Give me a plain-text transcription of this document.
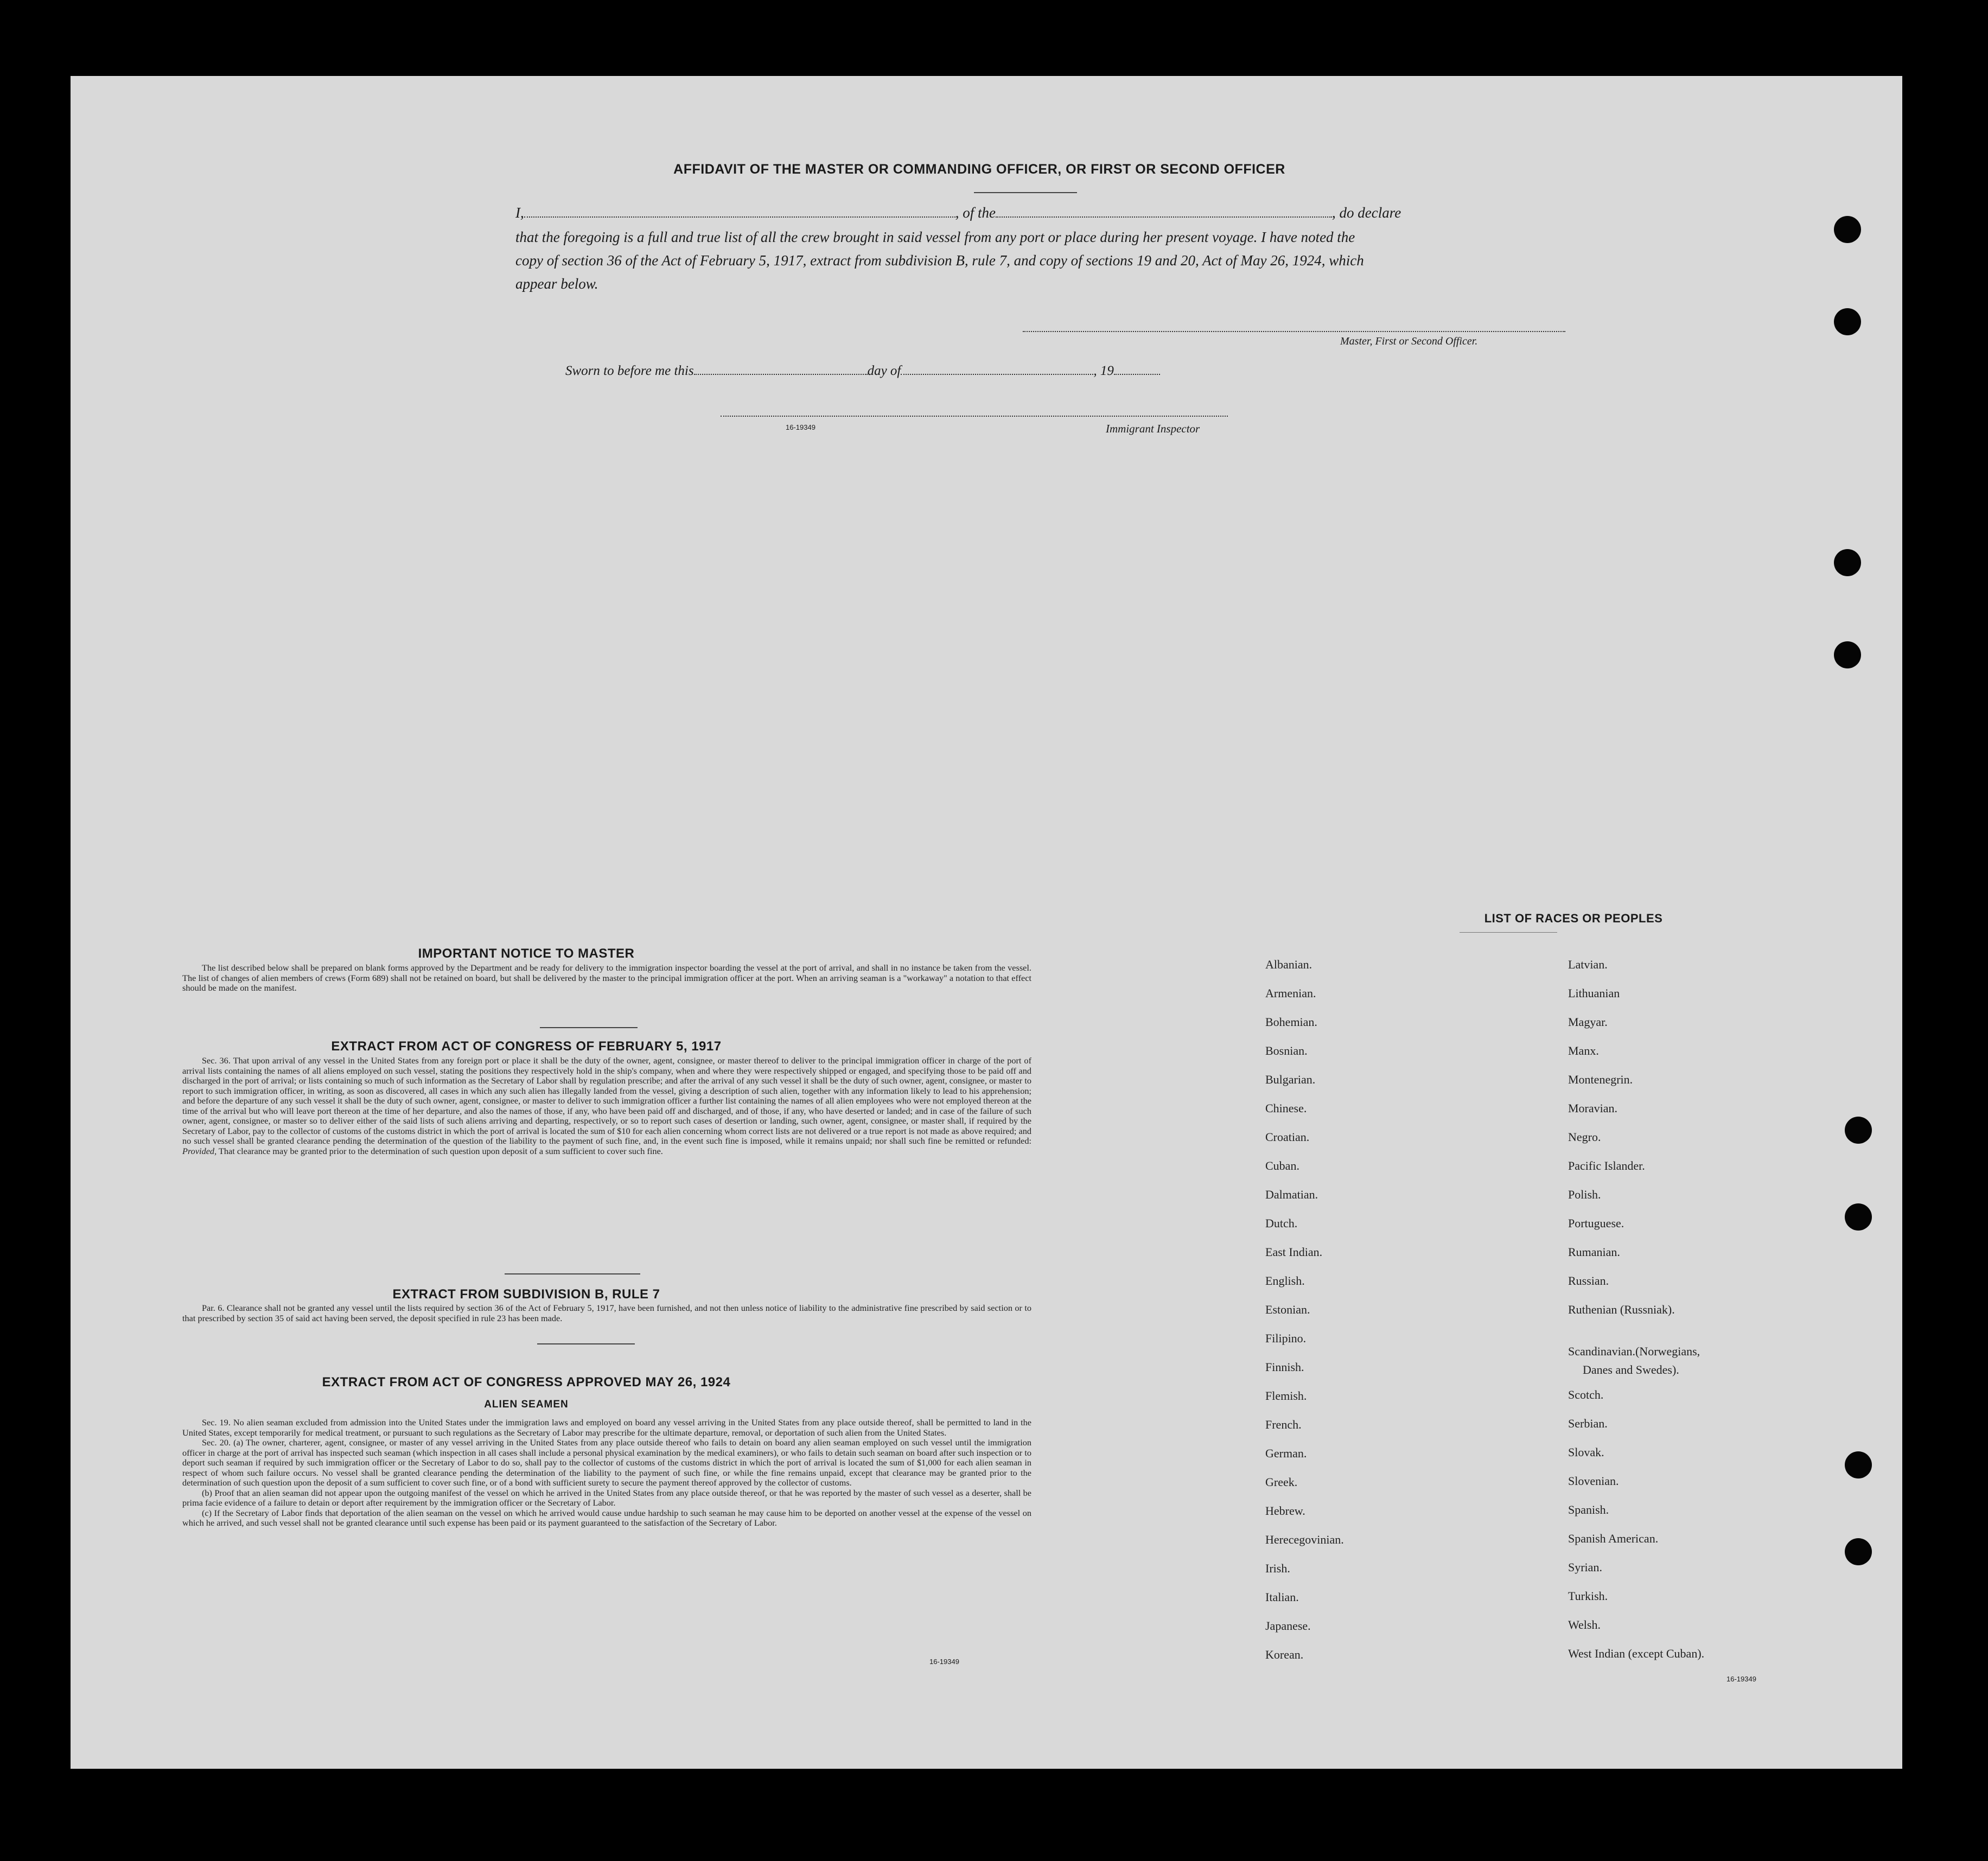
AFFIDAVIT OF THE MASTER OR COMMANDING OFFICER, OR FIRST OR SECOND OFFICER
I,	, of the	, do declare
that the foregoing is a full and true list of all the crew brought in said vessel from any port or place during her present voyage. I have noted the copy of section 36 of the Act of February 5, 1917, extract from subdivision B, rule 7, and copy of sections 19 and 20, Act of May 26, 1924, which appear below.
Master, First or Second Officer.
Sworn to before me this	day of	, 19
16-19349	Immigrant Inspector
IMPORTANT NOTICE TO MASTER

The list described below shall be prepared on blank forms approved by the Department and be ready for delivery to the immigration inspector boarding the vessel at the port of arrival, and shall in no instance be taken from the vessel. The list of changes of alien members of crews (Form 689) shall not be retained on board, but shall be delivered by the master to the principal immigration officer at the port. When an arriving seaman is a "workaway" a notation to that effect should be made on the manifest.

EXTRACT FROM ACT OF CONGRESS OF FEBRUARY 5, 1917

Sec. 36. That upon arrival of any vessel in the United States from any foreign port or place it shall be the duty of the owner, agent, consignee, or master thereof to deliver to the principal immigration officer in charge of the port of arrival lists containing the names of all aliens employed on such vessel, stating the positions they respectively hold in the ship's company, when and where they were respectively shipped or engaged, and specifying those to be paid off and discharged in the port of arrival; or lists containing so much of such information as the Secretary of Labor shall by regulation prescribe; and after the arrival of any such vessel it shall be the duty of such owner, agent, consignee, or master to report to such immigration officer, in writing, as soon as discovered, all cases in which any such alien has illegally landed from the vessel, giving a description of such alien, together with any information likely to lead to his apprehension; and before the departure of any such vessel it shall be the duty of such owner, agent, consignee, or master to deliver to such immigration officer a further list containing the names of all alien employees who were not employed thereon at the time of the arrival but who will leave port thereon at the time of her departure, and also the names of those, if any, who have been paid off and discharged, and of those, if any, who have deserted or landed; and in case of the failure of such owner, agent, consignee, or master so to deliver either of the said lists of such aliens arriving and departing, respectively, or so to report such cases of desertion or landing, such owner, agent, consignee, or master shall, if required by the Secretary of Labor, pay to the collector of customs of the customs district in which the port of arrival is located the sum of $10 for each alien concerning whom correct lists are not delivered or a true report is not made as above required; and no such vessel shall be granted clearance pending the determination of the question of the liability to the payment of such fine, and, in the event such fine is imposed, while it remains unpaid; nor shall such fine be remitted or refunded: Provided, That clearance may be granted prior to the determination of such question upon deposit of a sum sufficient to cover such fine.

EXTRACT FROM SUBDIVISION B, RULE 7

Par. 6. Clearance shall not be granted any vessel until the lists required by section 36 of the Act of February 5, 1917, have been furnished, and not then unless notice of liability to the administrative fine prescribed by said section or to that prescribed by section 35 of said act having been served, the deposit specified in rule 23 has been made.

EXTRACT FROM ACT OF CONGRESS APPROVED MAY 26, 1924
ALIEN SEAMEN

Sec. 19. No alien seaman excluded from admission into the United States under the immigration laws and employed on board any vessel arriving in the United States from any place outside thereof, shall be permitted to land in the United States, except temporarily for medical treatment, or pursuant to such regulations as the Secretary of Labor may prescribe for the ultimate departure, removal, or deportation of such alien from the United States.

Sec. 20. (a) The owner, charterer, agent, consignee, or master of any vessel arriving in the United States from any place outside thereof who fails to detain on board any alien seaman employed on such vessel until the immigration officer in charge at the port of arrival has inspected such seaman (which inspection in all cases shall include a personal physical examination by the medical examiners), or who fails to detain such seaman on board after such inspection or to deport such seaman if required by such immigration officer or the Secretary of Labor to do so, shall pay to the collector of customs of the customs district in which the port of arrival is located the sum of $1,000 for each alien seaman in respect of whom such failure occurs. No vessel shall be granted clearance pending the determination of the liability to the payment of such fine, or while the fine remains unpaid, except that clearance may be granted prior to the determination of such question upon the deposit of a sum sufficient to cover such fine, or of a bond with sufficient surety to secure the payment thereof approved by the collector of customs.

(b) Proof that an alien seaman did not appear upon the outgoing manifest of the vessel on which he arrived in the United States from any place outside thereof, or that he was reported by the master of such vessel as a deserter, shall be prima facie evidence of a failure to detain or deport after requirement by the immigration officer or the Secretary of Labor.

(c) If the Secretary of Labor finds that deportation of the alien seaman on the vessel on which he arrived would cause undue hardship to such seaman he may cause him to be deported on another vessel at the expense of the vessel on which he arrived, and such vessel shall not be granted clearance until such expense has been paid or its payment guaranteed to the satisfaction of the Secretary of Labor.

16-19349
LIST OF RACES OR PEOPLES
Albanian.
Armenian.
Bohemian.
Bosnian.
Bulgarian.
Chinese.
Croatian.
Cuban.
Dalmatian.
Dutch.
East Indian.
English.
Estonian.
Filipino.
Finnish.
Flemish.
French.
German.
Greek.
Hebrew.
Herecegovinian.
Irish.
Italian.
Japanese.
Korean.
Latvian.
Lithuanian
Magyar.
Manx.
Montenegrin.
Moravian.
Negro.
Pacific Islander.
Polish.
Portuguese.
Rumanian.
Russian.
Ruthenian (Russniak).
Scandinavian.(Norwegians,
Scotch.
Serbian.
Slovak.
Slovenian.
Spanish.
Spanish American.
Syrian.
Turkish.
Welsh.
West Indian (except Cuban).
Danes and Swedes).
16-19349
